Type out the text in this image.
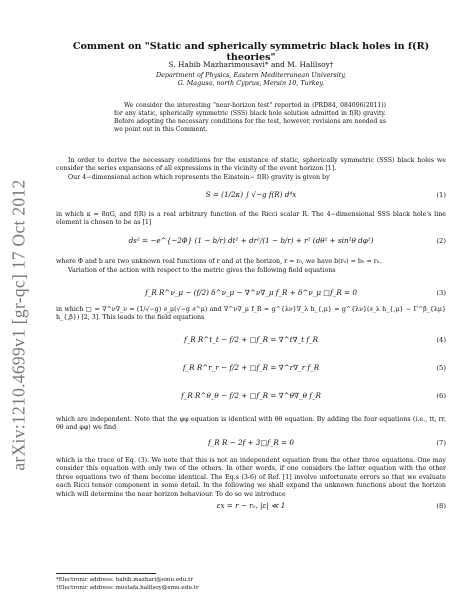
arXiv:1210.4699v1 [gr-qc] 17 Oct 2012
Comment on "Static and spherically symmetric black holes in f(R) theories"
S. Habib Mazharimousavi* and M. Halilsoy†
Department of Physics, Eastern Mediterranean University,
G. Magusa, north Cyprus, Mersin 10, Turkey.
We consider the interesting "near-horizon test" reported in (PRD84, 084006(2011)) for any static, spherically symmetric (SSS) black hole solution admitted in f(R) gravity. Before adopting the necessary conditions for the test, however, revisions are needed as we point out in this Comment.
In order to derive the necessary conditions for the existance of static, spherically symmetric (SSS) black holes we consider the series expansions of all expressions in the vicinity of the event horizon [1].
Our 4−dimensional action which represents the Einstein− f(R) gravity is given by
S = (1/2κ) ∫ √−g f(R) d⁴x	(1)
in which κ = 8πG, and f(R) is a real arbitrary function of the Ricci scalar R. The 4−dimensional SSS black hole's line element is chosen to be as [1]
ds² = −e^{−2Φ} (1 − b/r) dt² + dr²/(1 − b/r) + r² (dθ² + sin²θ dφ²)	(2)
where Φ and b are two unknown real functions of r and at the horizon, r = r₀, we have b(r₀) = b₀ = r₀.
Variation of the action with respect to the metric gives the following field equations
f_R R^ν_μ − (f/2) δ^ν_μ − ∇^ν∇_μ f_R + δ^ν_μ □f_R = 0	(3)
in which □ = ∇^ν∇_ν = (1/√−g) ∂_μ(√−g ∂^μ) and ∇^ν∇_μ f_R = g^{λν}∇_λ h_{,μ} = g^{λν}(∂_λ h_{,μ} − Γ^β_{λμ} h_{,β}) [2, 3]. This leads to the field equations
f_R R^t_t − f/2 + □f_R = ∇^t∇_t f_R	(4)
f_R R^r_r − f/2 + □f_R = ∇^r∇_r f_R	(5)
f_R R^θ_θ − f/2 + □f_R = ∇^θ∇_θ f_R	(6)
which are independent. Note that the φφ equation is identical with θθ equation. By adding the four equations (i.e., tt, rr, θθ and φφ) we find
f_R R − 2f + 3□f_R = 0	(7)
which is the trace of Eq. (3). We note that this is not an independent equation from the other three equations. One may consider this equation with only two of the others. In other words, if one considers the latter equation with the other three equations two of them become identical. The Eq.s (3-6) of Ref. [1] involve unfortunate errors so that we evaluate each Ricci tensor component in some detail. In the following we shall expand the unknown functions about the horizon which will determine the near horizon behaviour. To do so we introduce
εx = r − r₀, |ε| ≪ 1	(8)
*Electronic address: habib.mazhari@emu.edu.tr
†Electronic address: mustafa.halilsoy@emu.edu.tr
